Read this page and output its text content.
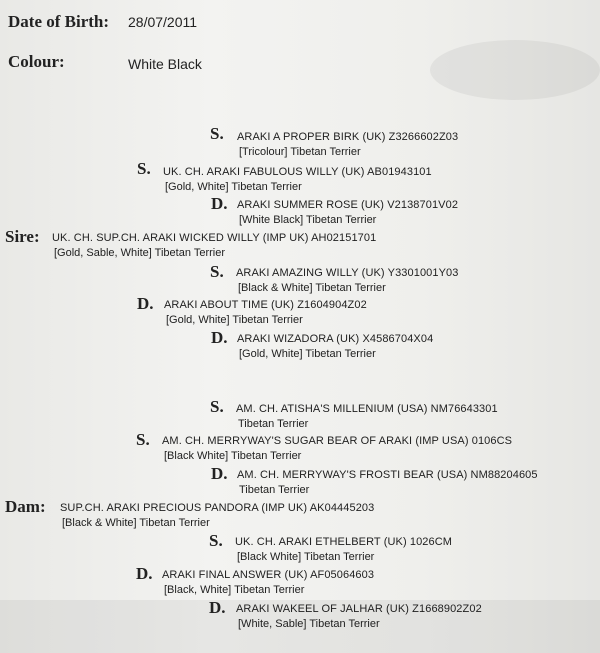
Date of Birth: 28/07/2011
Colour:	White Black
S. ARAKI A PROPER BIRK (UK) Z3266602Z03
[Tricolour] Tibetan Terrier
S. UK. CH. ARAKI FABULOUS WILLY (UK) AB01943101
[Gold, White] Tibetan Terrier
D. ARAKI SUMMER ROSE (UK) V2138701V02
[White Black] Tibetan Terrier
Sire: UK. CH. SUP.CH. ARAKI WICKED WILLY (IMP UK) AH02151701
[Gold, Sable, White] Tibetan Terrier
S. ARAKI AMAZING WILLY (UK) Y3301001Y03
[Black & White] Tibetan Terrier
D. ARAKI ABOUT TIME (UK) Z1604904Z02
[Gold, White] Tibetan Terrier
D. ARAKI WIZADORA (UK) X4586704X04
[Gold, White] Tibetan Terrier
S. AM. CH. ATISHA'S MILLENIUM (USA) NM76643301
Tibetan Terrier
S. AM. CH. MERRYWAY'S SUGAR BEAR OF ARAKI (IMP USA) 0106CS
[Black White] Tibetan Terrier
D. AM. CH. MERRYWAY'S FROSTI BEAR (USA) NM88204605
Tibetan Terrier
Dam: SUP.CH. ARAKI PRECIOUS PANDORA (IMP UK) AK04445203
[Black & White] Tibetan Terrier
S. UK. CH. ARAKI ETHELBERT (UK) 1026CM
[Black White] Tibetan Terrier
D. ARAKI FINAL ANSWER (UK) AF05064603
[Black, White] Tibetan Terrier
D. ARAKI WAKEEL OF JALHAR (UK) Z1668902Z02
[White, Sable] Tibetan Terrier
